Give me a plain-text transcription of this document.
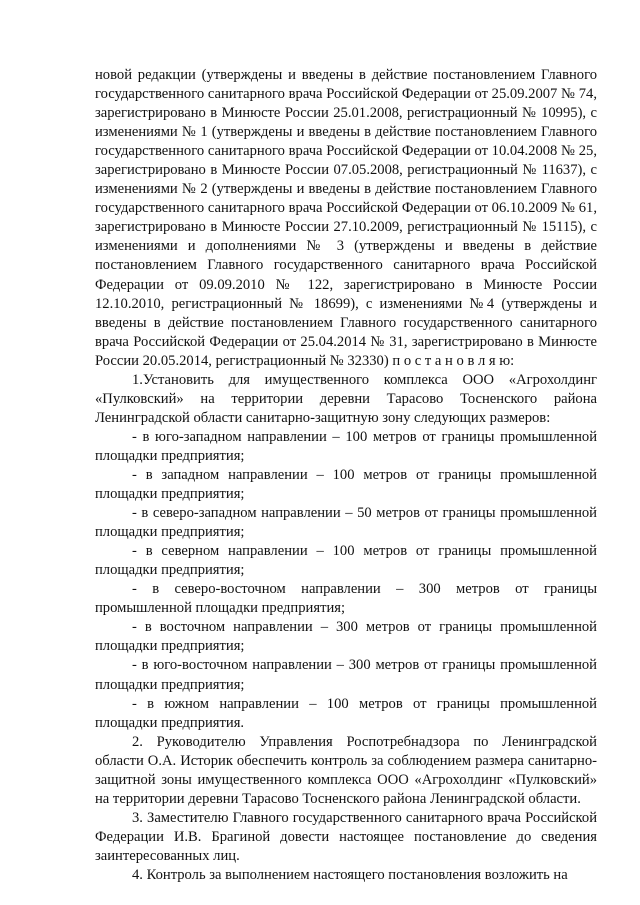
новой редакции (утверждены и введены в действие постановлением Главного государственного санитарного врача Российской Федерации от 25.09.2007 № 74, зарегистрировано в Минюсте России 25.01.2008, регистрационный № 10995), с изменениями № 1 (утверждены и введены в действие постановлением Главного государственного санитарного врача Российской Федерации от 10.04.2008 № 25, зарегистрировано в Минюсте России 07.05.2008, регистрационный № 11637), с изменениями № 2 (утверждены и введены в действие постановлением Главного государственного санитарного врача Российской Федерации от 06.10.2009 № 61, зарегистрировано в Минюсте России 27.10.2009, регистрационный № 15115), с изменениями и дополнениями № 3 (утверждены и введены в действие постановлением Главного государственного санитарного врача Российской Федерации от 09.09.2010 № 122, зарегистрировано в Минюсте России 12.10.2010, регистрационный № 18699), с изменениями №4 (утверждены и введены в действие постановлением Главного государственного санитарного врача Российской Федерации от 25.04.2014 № 31, зарегистрировано в Минюсте России 20.05.2014, регистрационный № 32330) п о с т а н о в л я ю:

1.Установить для имущественного комплекса ООО «Агрохолдинг «Пулковский» на территории деревни Тарасово Тосненского района Ленинградской области санитарно-защитную зону следующих размеров:

- в юго-западном направлении – 100 метров от границы промышленной площадки предприятия;

- в западном направлении – 100 метров от границы промышленной площадки предприятия;

- в северо-западном направлении – 50 метров от границы промышленной площадки предприятия;

- в северном направлении – 100 метров от границы промышленной площадки предприятия;

- в северо-восточном направлении – 300 метров от границы промышленной площадки предприятия;

- в восточном направлении – 300 метров от границы промышленной площадки предприятия;

- в юго-восточном направлении – 300 метров от границы промышленной площадки предприятия;

- в южном направлении – 100 метров от границы промышленной площадки предприятия.

2. Руководителю Управления Роспотребнадзора по Ленинградской области О.А. Историк обеспечить контроль за соблюдением размера санитарно-защитной зоны имущественного комплекса ООО «Агрохолдинг «Пулковский» на территории деревни Тарасово Тосненского района Ленинградской области.

3. Заместителю Главного государственного санитарного врача Российской Федерации И.В. Брагиной довести настоящее постановление до сведения заинтересованных лиц.

4. Контроль за выполнением настоящего постановления возложить на
